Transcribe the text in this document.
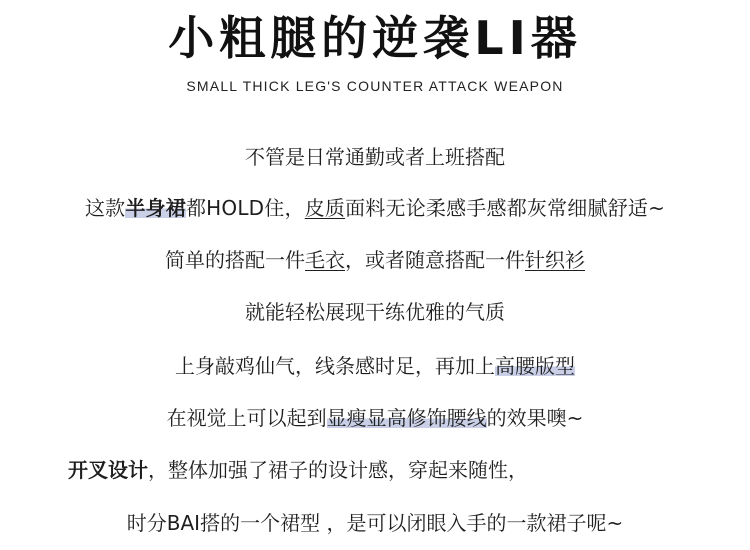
小粗腿的逆袭LI器
SMALL THICK LEG'S COUNTER ATTACK WEAPON
不管是日常通勤或者上班搭配
这款半身裙都HOLD住，皮质面料无论柔感手感都灰常细腻舒适~
简单的搭配一件毛衣，或者随意搭配一件针织衫
就能轻松展现干练优雅的气质
上身敲鸡仙气，线条感时足，再加上高腰版型
在视觉上可以起到显瘦显高修饰腰线的效果噢~
开叉设计，整体加强了裙子的设计感，穿起来随性，
时分BAI搭的一个裙型 ，是可以闭眼入手的一款裙子呢~
